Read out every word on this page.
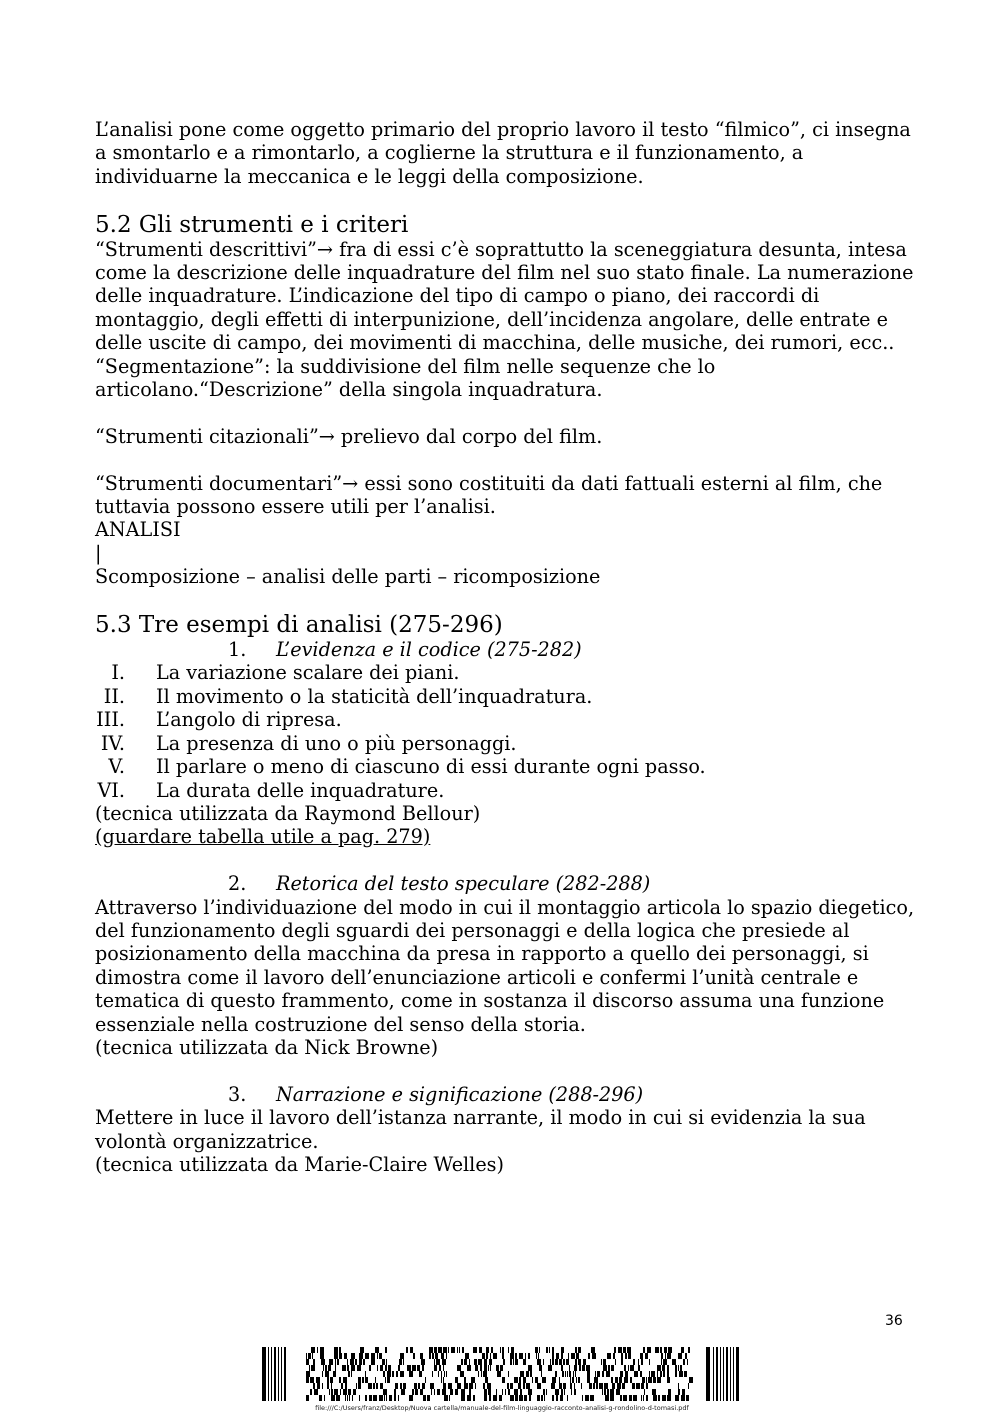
L’analisi pone come oggetto primario del proprio lavoro il testo “filmico”, ci insegna a smontarlo e a rimontarlo, a coglierne la struttura e il funzionamento, a individuarne la meccanica e le leggi della composizione.

5.2 Gli strumenti e i criteri

“Strumenti descrittivi”→ fra di essi c’è soprattutto la sceneggiatura desunta, intesa come la descrizione delle inquadrature del film nel suo stato finale. La numerazione delle inquadrature. L’indicazione del tipo di campo o piano, dei raccordi di montaggio, degli effetti di interpunizione, dell’incidenza angolare, delle entrate e delle uscite di campo, dei movimenti di macchina, delle musiche, dei rumori, ecc.. “Segmentazione”: la suddivisione del film nelle sequenze che lo articolano.“Descrizione” della singola inquadratura.

“Strumenti citazionali”→ prelievo dal corpo del film.

“Strumenti documentari”→ essi sono costituiti da dati fattuali esterni al film, che tuttavia possono essere utili per l’analisi.

ANALISI

|

Scomposizione – analisi delle parti – ricomposizione

5.3 Tre esempi di analisi (275-296)

1. L’evidenza e il codice (275-282)

I.	La variazione scalare dei piani.
II.	Il movimento o la staticità dell’inquadratura.
III.	L’angolo di ripresa.
IV.	La presenza di uno o più personaggi.
V.	Il parlare o meno di ciascuno di essi durante ogni passo.
VI.	La durata delle inquadrature.

(tecnica utilizzata da Raymond Bellour)

(guardare tabella utile a pag. 279)

2. Retorica del testo speculare (282-288)

Attraverso l’individuazione del modo in cui il montaggio articola lo spazio diegetico, del funzionamento degli sguardi dei personaggi e della logica che presiede al posizionamento della macchina da presa in rapporto a quello dei personaggi, si dimostra come il lavoro dell’enunciazione articoli e confermi l’unità centrale e tematica di questo frammento, come in sostanza il discorso assuma una funzione essenziale nella costruzione del senso della storia.

(tecnica utilizzata da Nick Browne)

3. Narrazione e significazione (288-296)

Mettere in luce il lavoro dell’istanza narrante, il modo in cui si evidenzia la sua volontà organizzatrice.

(tecnica utilizzata da Marie-Claire Welles)

36
file:///C:/Users/franz/Desktop/Nuova cartella/manuale-del-film-linguaggio-racconto-analisi-g-rondolino-d-tomasi.pdf
